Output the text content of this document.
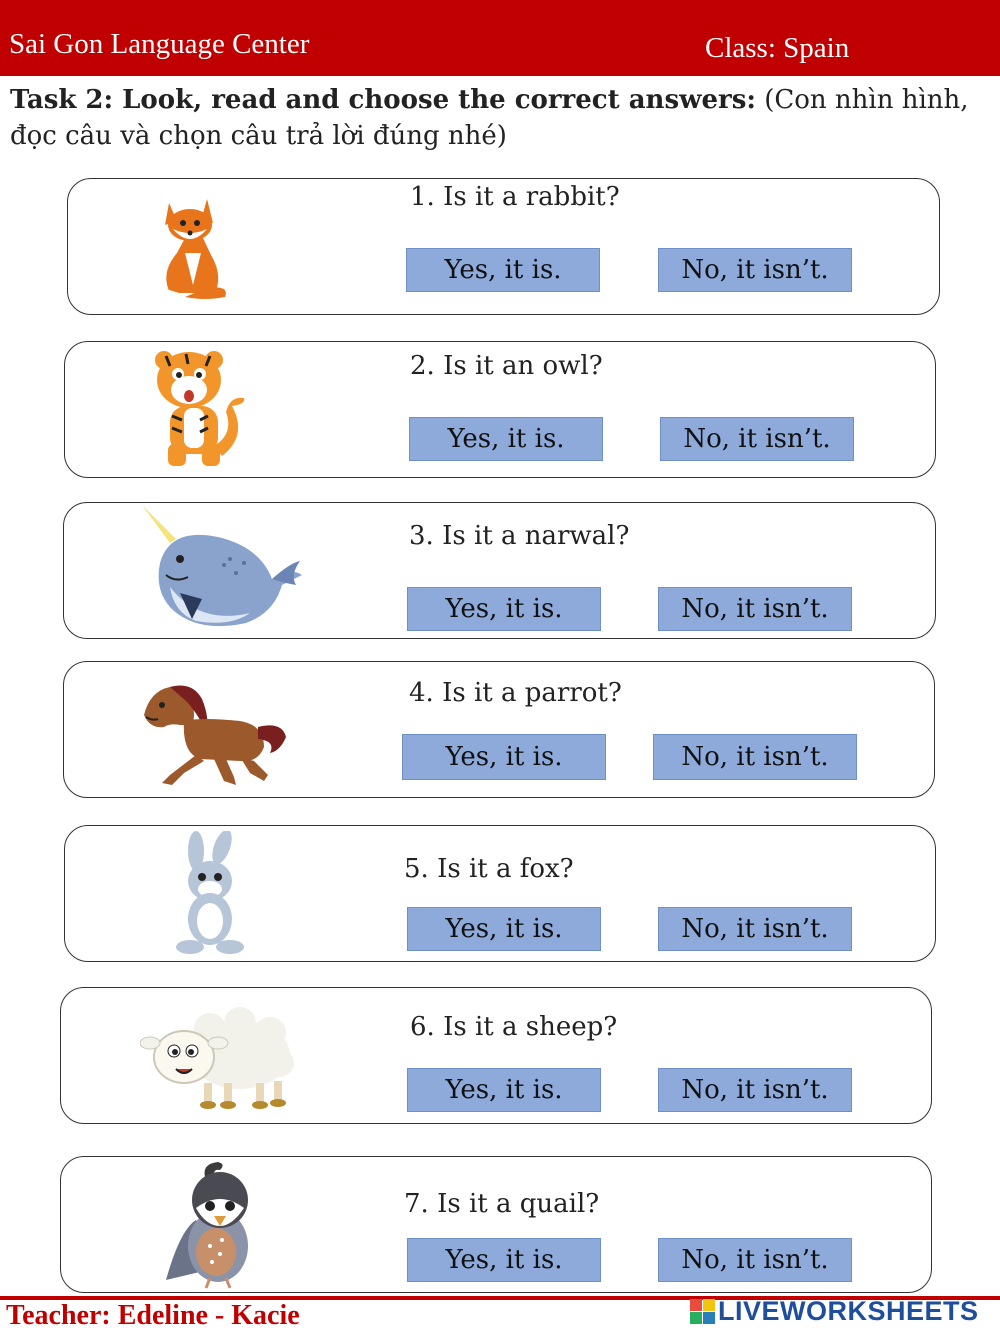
Sai Gon Language Center	Class: Spain
Task 2: Look, read and choose the correct answers: (Con nhìn hình, đọc câu và chọn câu trả lời đúng nhé)
1. Is it a rabbit?
Yes, it is.	No, it isn’t.
2. Is it an owl?
Yes, it is.	No, it isn’t.
3. Is it a narwal?
Yes, it is.	No, it isn’t.
4. Is it a parrot?
Yes, it is.	No, it isn’t.
5. Is it a fox?
Yes, it is.	No, it isn’t.
6. Is it a sheep?
Yes, it is.	No, it isn’t.
7. Is it a quail?
Yes, it is.	No, it isn’t.
Teacher: Edeline - Kacie	LIVEWORKSHEETS
